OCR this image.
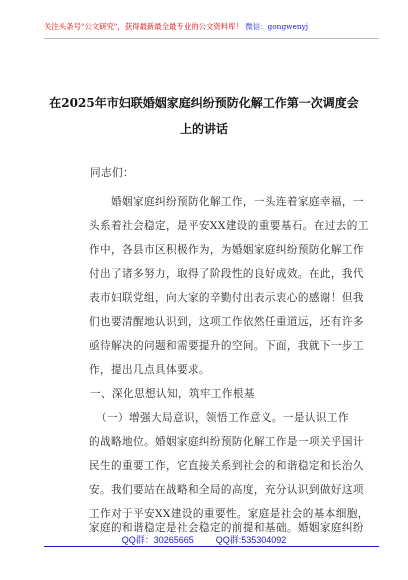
关注头条号"公文研究"，获得最新最全最专业的公文资料库！ 微信：gongwenyj
在2025年市妇联婚姻家庭纠纷预防化解工作第一次调度会
上的讲话
同志们：
婚姻家庭纠纷预防化解工作，一头连着家庭幸福，一
头系着社会稳定，是平安XX建设的重要基石。在过去的工
作中，各县市区积极作为，为婚姻家庭纠纷预防化解工作
付出了诸多努力，取得了阶段性的良好成效。在此，我代
表市妇联党组，向大家的辛勤付出表示衷心的感谢！但我
们也要清醒地认识到，这项工作依然任重道远，还有许多
亟待解决的问题和需要提升的空间。下面，我就下一步工
作，提出几点具体要求。
一、深化思想认知，筑牢工作根基
（一）增强大局意识，领悟工作意义。一是认识工作
的战略地位。婚姻家庭纠纷预防化解工作是一项关乎国计
民生的重要工作，它直接关系到社会的和谐稳定和长治久
安。我们要站在战略和全局的高度，充分认识到做好这项
工作对于平安XX建设的重要性。家庭是社会的基本细胞，
家庭的和谐稳定是社会稳定的前提和基础。婚姻家庭纠纷
QQ群：30265665 QQ群:535304092
